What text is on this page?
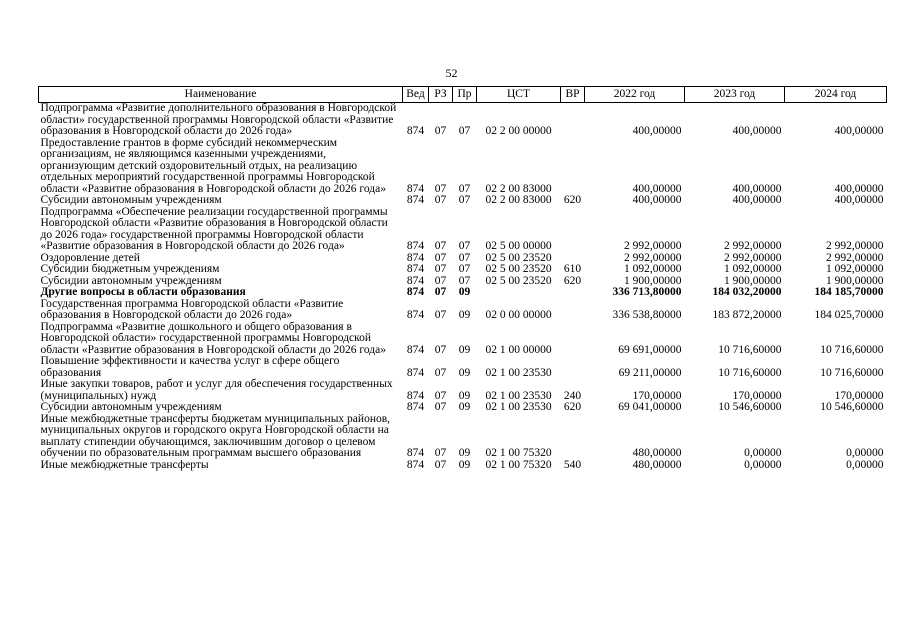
52
Наименование	Вед	РЗ	Пр	ЦСТ	ВР	2022 год	2023 год	2024 год
Подпрограмма «Развитие дополнительного образования в Новгородской области» государственной программы Новгородской области «Развитие образования в Новгородской области до 2026 года»	874	07	07	02 2 00 00000		400,00000	400,00000	400,00000
Предоставление грантов в форме субсидий некоммерческим организациям, не являющимся казенными учреждениями, организующим детский оздоровительный отдых, на реализацию отдельных мероприятий государственной программы Новгородской области «Развитие образования в Новгородской области до 2026 года»	874	07	07	02 2 00 83000		400,00000	400,00000	400,00000
Субсидии автономным учреждениям	874	07	07	02 2 00 83000	620	400,00000	400,00000	400,00000
Подпрограмма «Обеспечение реализации государственной программы Новгородской области «Развитие образования в Новгородской области до 2026 года» государственной программы Новгородской области «Развитие образования в Новгородской области до 2026 года»	874	07	07	02 5 00 00000		2 992,00000	2 992,00000	2 992,00000
Оздоровление детей	874	07	07	02 5 00 23520		2 992,00000	2 992,00000	2 992,00000
Субсидии бюджетным учреждениям	874	07	07	02 5 00 23520	610	1 092,00000	1 092,00000	1 092,00000
Субсидии автономным учреждениям	874	07	07	02 5 00 23520	620	1 900,00000	1 900,00000	1 900,00000
Другие вопросы в области образования	874	07	09			336 713,80000	184 032,20000	184 185,70000
Государственная программа Новгородской области «Развитие образования в Новгородской области до 2026 года»	874	07	09	02 0 00 00000		336 538,80000	183 872,20000	184 025,70000
Подпрограмма «Развитие дошкольного и общего образования в Новгородской области» государственной программы Новгородской области «Развитие образования в Новгородской области до 2026 года»	874	07	09	02 1 00 00000		69 691,00000	10 716,60000	10 716,60000
Повышение эффективности и качества услуг в сфере общего образования	874	07	09	02 1 00 23530		69 211,00000	10 716,60000	10 716,60000
Иные закупки товаров, работ и услуг для обеспечения государственных (муниципальных) нужд	874	07	09	02 1 00 23530	240	170,00000	170,00000	170,00000
Субсидии автономным учреждениям	874	07	09	02 1 00 23530	620	69 041,00000	10 546,60000	10 546,60000
Иные межбюджетные трансферты бюджетам муниципальных районов, муниципальных округов и городского округа Новгородской области на выплату стипендии обучающимся, заключившим договор о целевом обучении по образовательным программам высшего образования	874	07	09	02 1 00 75320		480,00000	0,00000	0,00000
Иные межбюджетные трансферты	874	07	09	02 1 00 75320	540	480,00000	0,00000	0,00000
